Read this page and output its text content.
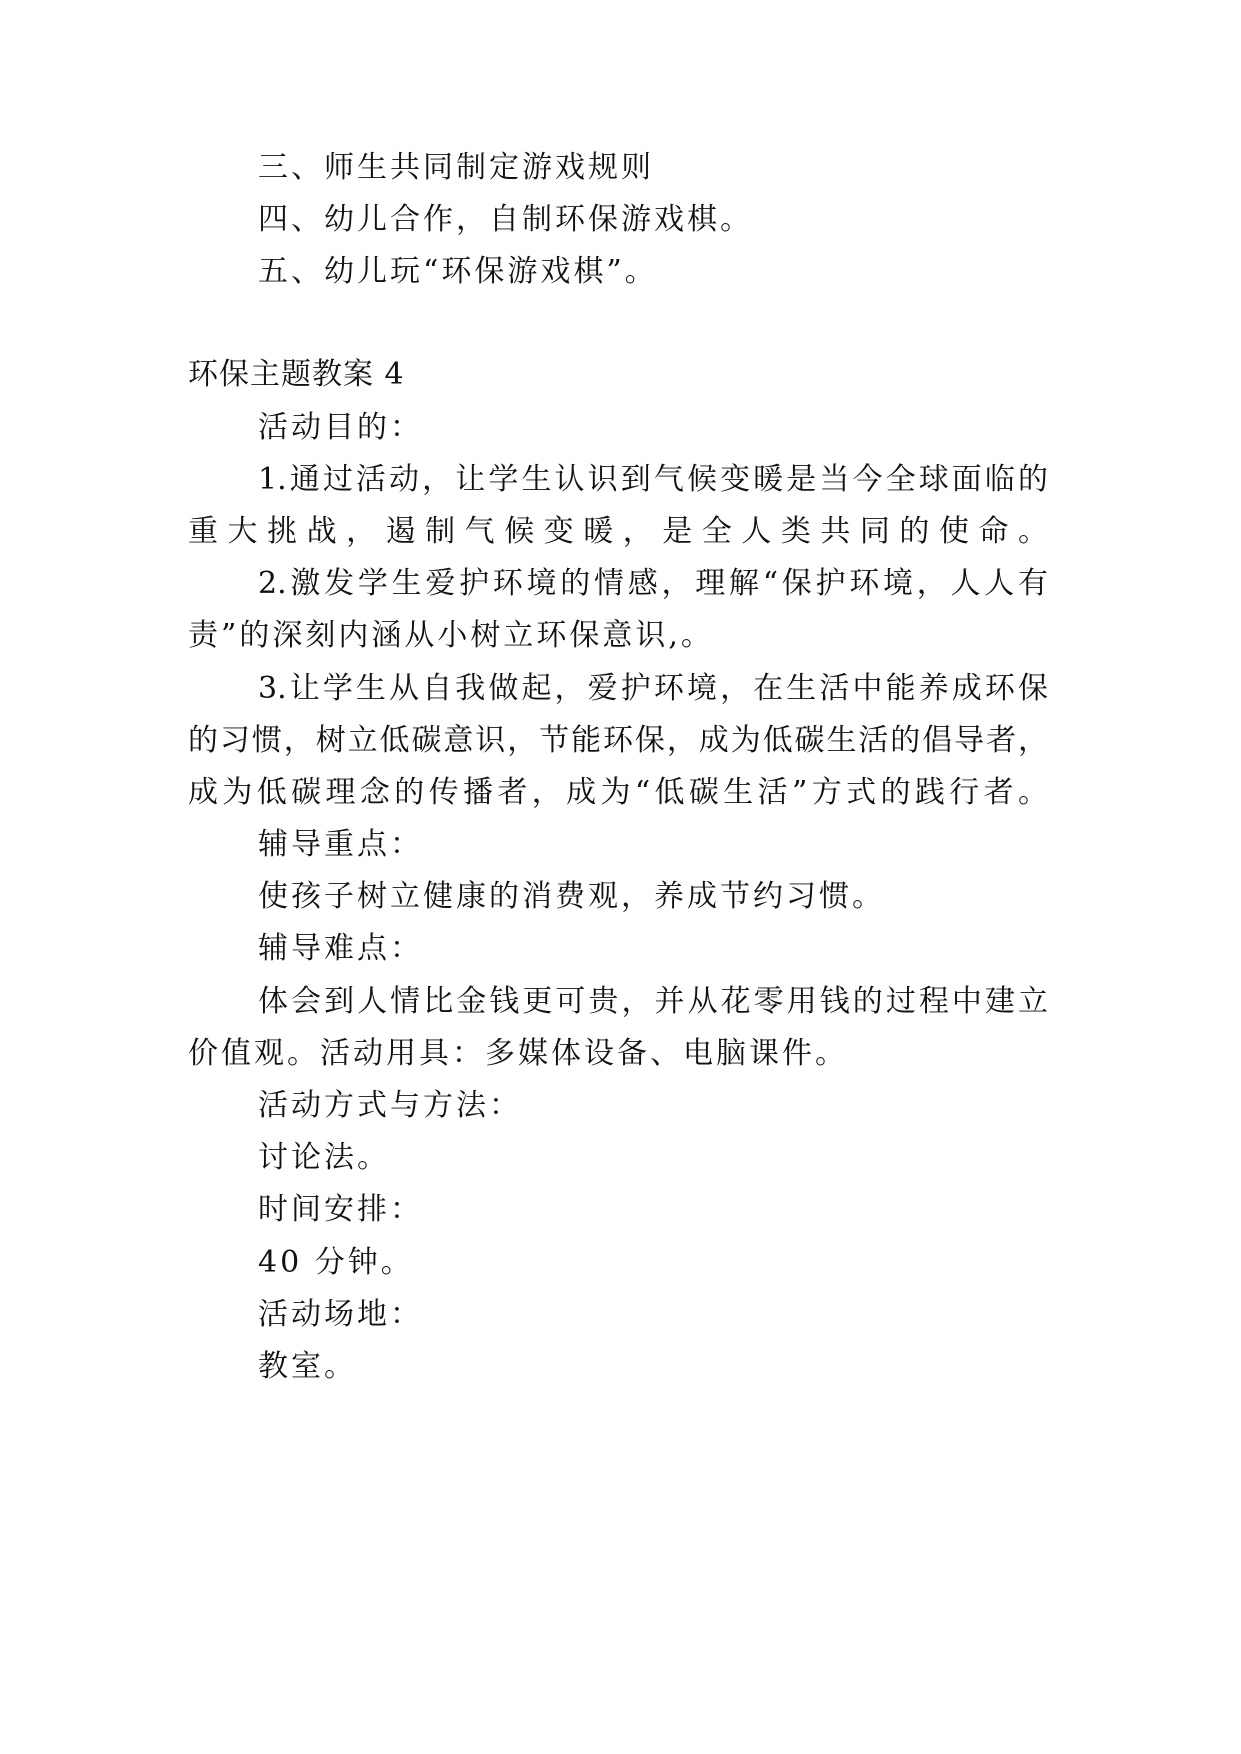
三、师生共同制定游戏规则
四、幼儿合作，自制环保游戏棋。
五、幼儿玩“环保游戏棋”。
环保主题教案 4
活动目的：
1.通过活动，让学生认识到气候变暖是当今全球面临的
重大挑战，遏制气候变暖，是全人类共同的使命。
2.激发学生爱护环境的情感，理解“保护环境，人人有
责”的深刻内涵从小树立环保意识,。
3.让学生从自我做起，爱护环境，在生活中能养成环保
的习惯，树立低碳意识，节能环保，成为低碳生活的倡导者，
成为低碳理念的传播者，成为“低碳生活”方式的践行者。
辅导重点：
使孩子树立健康的消费观，养成节约习惯。
辅导难点：
体会到人情比金钱更可贵，并从花零用钱的过程中建立
价值观。活动用具：多媒体设备、电脑课件。
活动方式与方法：
讨论法。
时间安排：
40 分钟。
活动场地：
教室。
